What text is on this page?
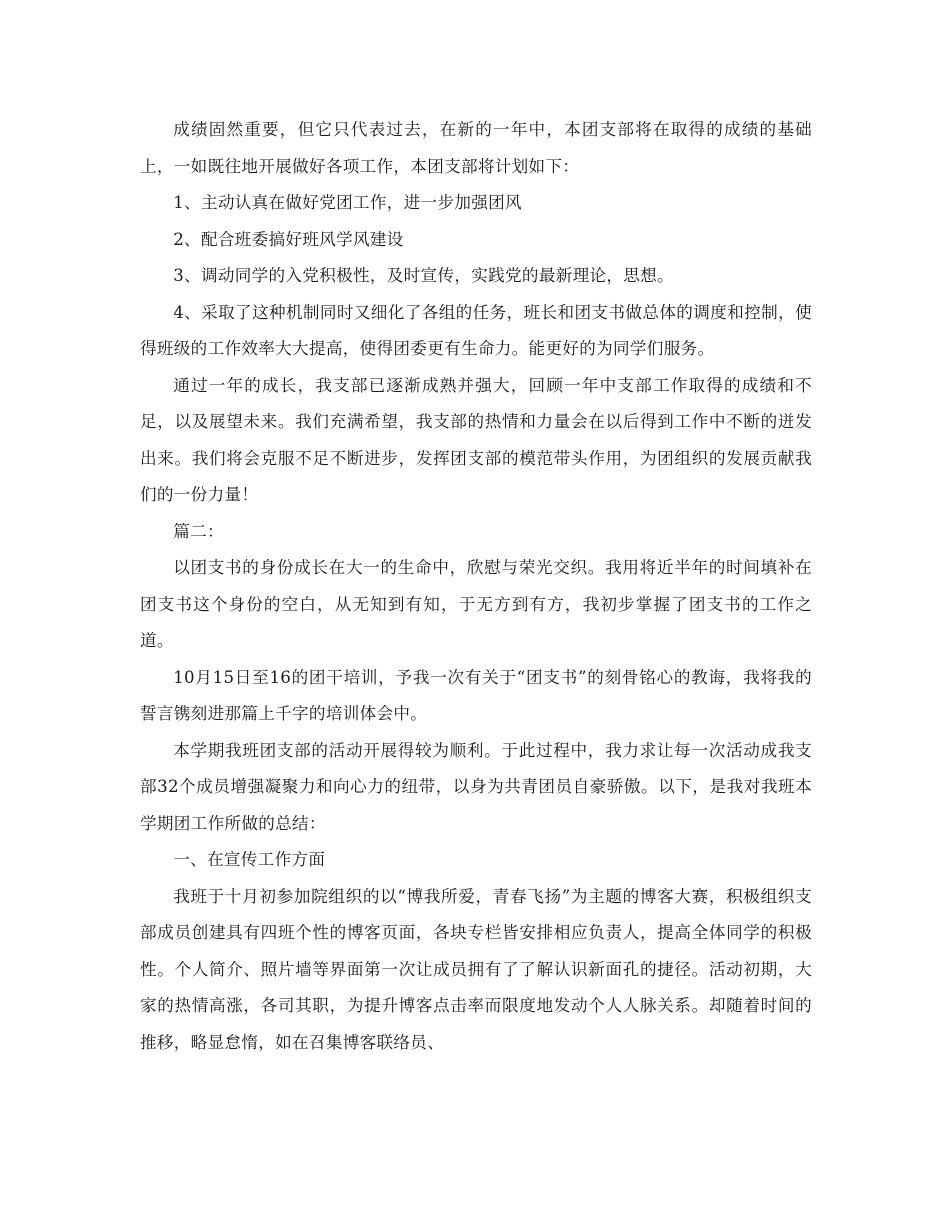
成绩固然重要，但它只代表过去，在新的一年中，本团支部将在取得的成绩的基础上，一如既往地开展做好各项工作，本团支部将计划如下：

1、主动认真在做好党团工作，进一步加强团风

2、配合班委搞好班风学风建设

3、调动同学的入党积极性，及时宣传，实践党的最新理论，思想。

4、采取了这种机制同时又细化了各组的任务，班长和团支书做总体的调度和控制，使得班级的工作效率大大提高，使得团委更有生命力。能更好的为同学们服务。

通过一年的成长，我支部已逐渐成熟并强大，回顾一年中支部工作取得的成绩和不足，以及展望未来。我们充满希望，我支部的热情和力量会在以后得到工作中不断的迸发出来。我们将会克服不足不断进步，发挥团支部的模范带头作用，为团组织的发展贡献我们的一份力量！

篇二：

以团支书的身份成长在大一的生命中，欣慰与荣光交织。我用将近半年的时间填补在团支书这个身份的空白，从无知到有知，于无方到有方，我初步掌握了团支书的工作之道。

10月15日至16的团干培训，予我一次有关于“团支书”的刻骨铭心的教诲，我将我的誓言镌刻进那篇上千字的培训体会中。

本学期我班团支部的活动开展得较为顺利。于此过程中，我力求让每一次活动成我支部32个成员增强凝聚力和向心力的纽带，以身为共青团员自豪骄傲。以下，是我对我班本学期团工作所做的总结：

一、在宣传工作方面

我班于十月初参加院组织的以“博我所爱，青春飞扬”为主题的博客大赛，积极组织支部成员创建具有四班个性的博客页面，各块专栏皆安排相应负责人，提高全体同学的积极性。个人简介、照片墙等界面第一次让成员拥有了了解认识新面孔的捷径。活动初期，大家的热情高涨，各司其职，为提升博客点击率而限度地发动个人人脉关系。却随着时间的推移，略显怠惰，如在召集博客联络员、
